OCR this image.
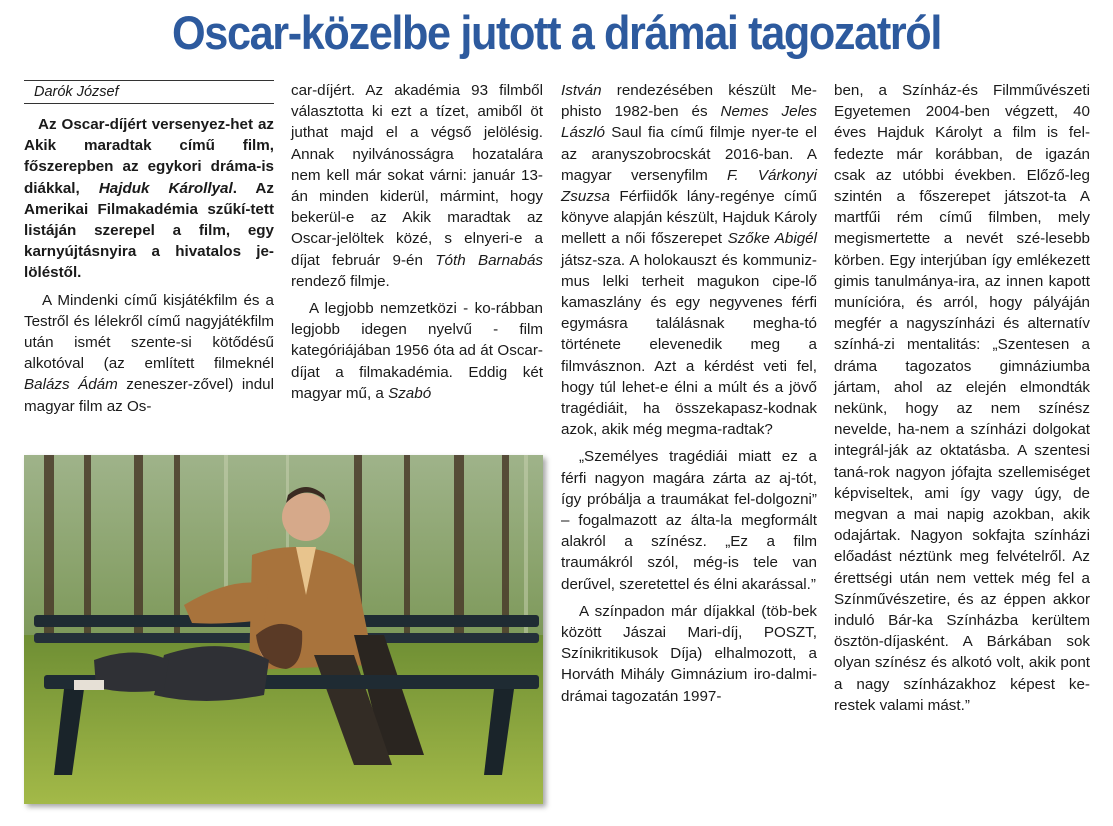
Oscar-közelbe jutott a drámai tagozatról
Darók József

Az Oscar-díjért versenyez-het az Akik maradtak című film, főszerepben az egykori dráma-is diákkal, Hajduk Károllyal. Az Amerikai Filmakadémia szűkí-tett listáján szerepel a film, egy karnyújtásnyira a hivatalos je-löléstől.

A Mindenki című kisjátékfilm és a Testről és lélekről című nagyjátékfilm után ismét szente-si kötődésű alkotóval (az említett filmeknél Balázs Ádám zeneszer-zővel) indul magyar film az Os-

car-díjért. Az akadémia 93 filmből választotta ki ezt a tízet, amiből öt juthat majd el a végső jelölésig. Annak nyilvánosságra hozatalára nem kell már sokat várni: január 13-án minden kiderül, mármint, hogy bekerül-e az Akik maradtak az Oscar-jelöltek közé, s elnyeri-e a díjat február 9-én Tóth Barnabás rendező filmje.

A legjobb nemzetközi - ko-rábban legjobb idegen nyelvű - film kategóriájában 1956 óta ad át Oscar-díjat a filmakadémia. Eddig két magyar mű, a Szabó

István rendezésében készült Me-phisto 1982-ben és Nemes Jeles László Saul fia című filmje nyer-te el az aranyszobrocskát 2016-ban. A magyar versenyfilm F. Várkonyi Zsuzsa Férfiidők lány-regénye című könyve alapján készült, Hajduk Károly mellett a női főszerepet Szőke Abigél játsz-sza. A holokauszt és kommuniz-mus lelki terheit magukon cipe-lő kamaszlány és egy negyvenes férfi egymásra találásnak megha-tó története elevenedik meg a filmvásznon. Azt a kérdést veti fel, hogy túl lehet-e élni a múlt és a jövő tragédiáit, ha összekapasz-kodnak azok, akik még megma-radtak?

„Személyes tragédiái miatt ez a férfi nagyon magára zárta az aj-tót, így próbálja a traumákat fel-dolgozni” – fogalmazott az álta-la megformált alakról a színész. „Ez a film traumákról szól, még-is tele van derűvel, szeretettel és élni akarással.”

A színpadon már díjakkal (töb-bek között Jászai Mari-díj, POSZT, Színikritikusok Díja) elhalmozott, a Horváth Mihály Gimnázium iro-dalmi-drámai tagozatán 1997-

ben, a Színház-és Filmművészeti Egyetemen 2004-ben végzett, 40 éves Hajduk Károlyt a film is fel-fedezte már korábban, de igazán csak az utóbbi években. Előző-leg szintén a főszerepet játszot-ta A martfűi rém című filmben, mely megismertette a nevét szé-lesebb körben. Egy interjúban így emlékezett gimis tanulmánya-ira, az innen kapott munícióra, és arról, hogy pályáján megfér a nagyszínházi és alternatív színhá-zi mentalitás: „Szentesen a dráma tagozatos gimnáziumba jártam, ahol az elején elmondták nekünk, hogy az nem színész nevelde, ha-nem a színházi dolgokat integrál-ják az oktatásba. A szentesi taná-rok nagyon jófajta szellemiséget képviseltek, ami így vagy úgy, de megvan a mai napig azokban, akik odajártak. Nagyon sokfajta színházi előadást néztünk meg felvételről. Az érettségi után nem vettek még fel a Színművészetire, és az éppen akkor induló Bár-ka Színházba kerültem ösztön-díjasként. A Bárkában sok olyan színész és alkotó volt, akik pont a nagy színházakhoz képest ke-restek valami mást.”
